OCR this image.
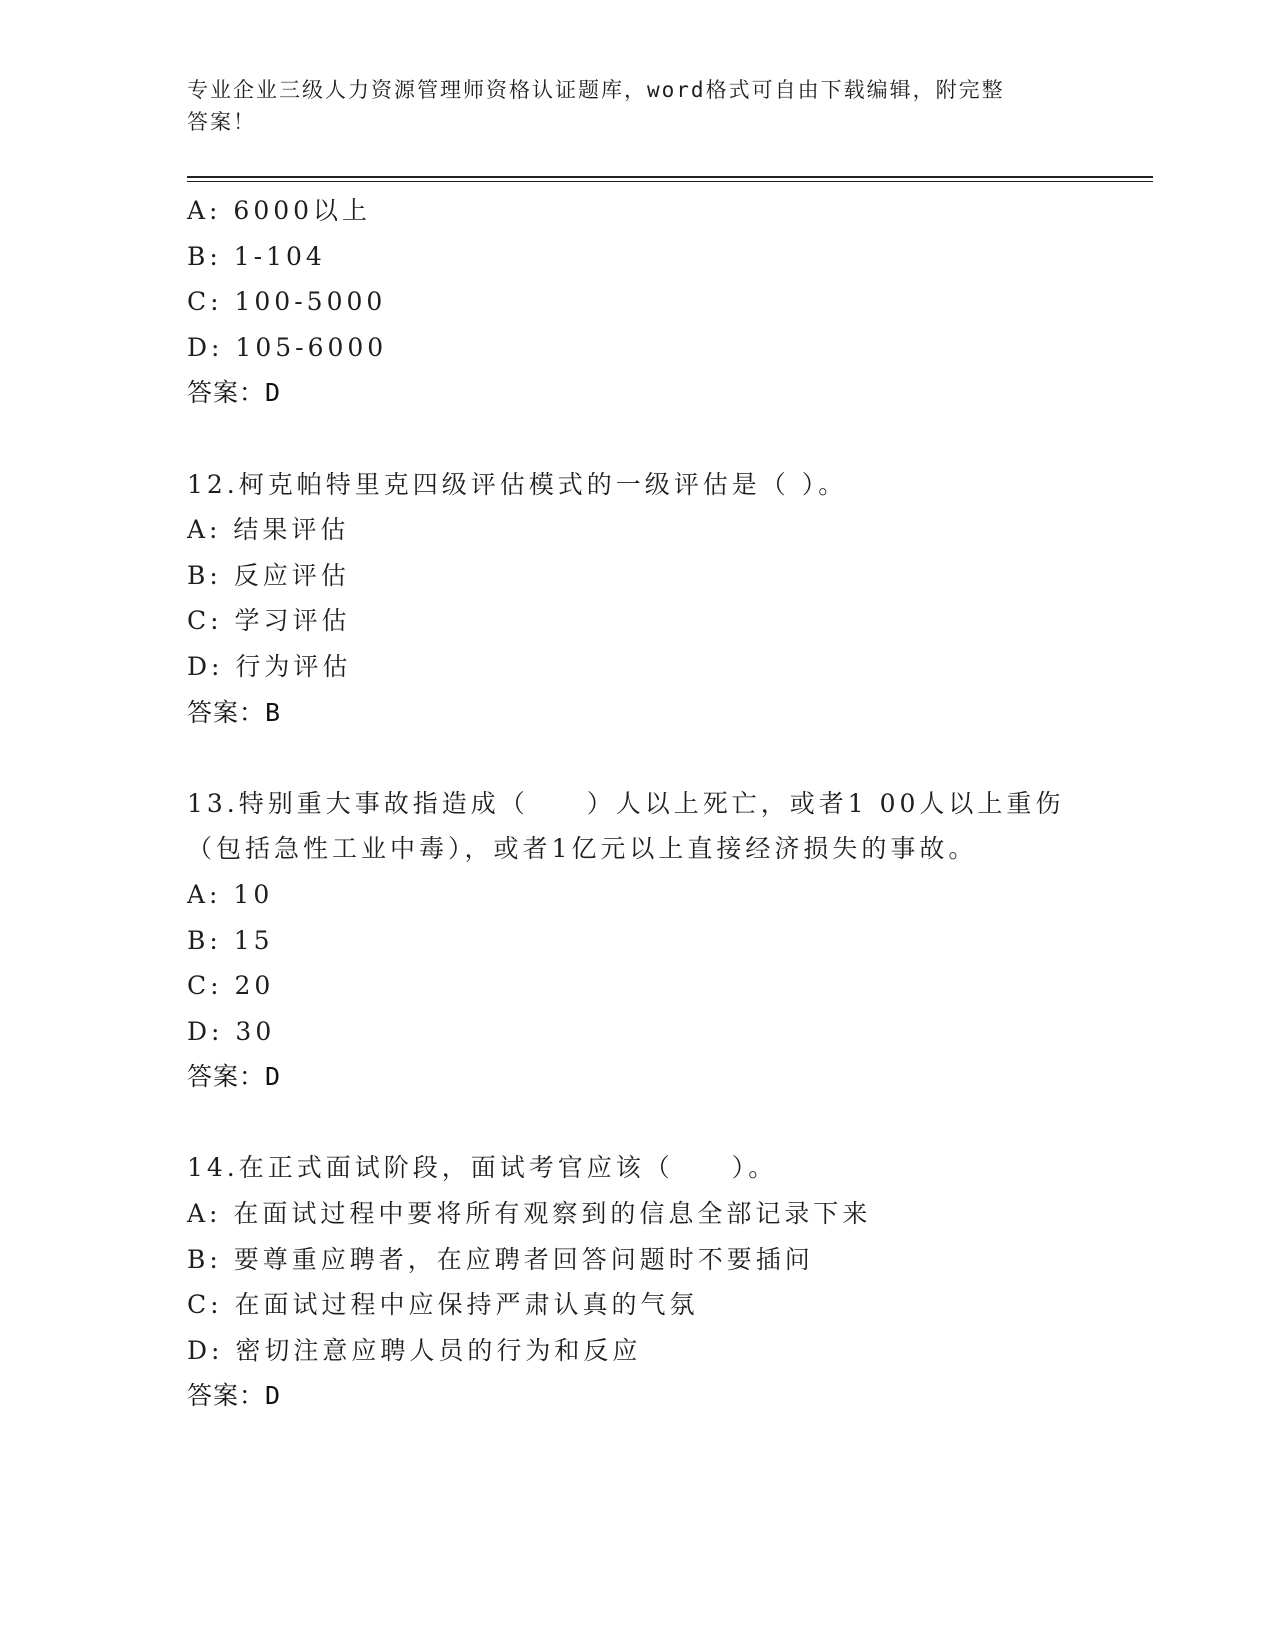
专业企业三级人力资源管理师资格认证题库，word格式可自由下载编辑，附完整
答案！
A: 6000以上
B: 1-104
C: 100-5000
D: 105-6000
答案：D
12.柯克帕特里克四级评估模式的一级评估是（ ）。
A: 结果评估
B: 反应评估
C: 学习评估
D: 行为评估
答案：B
13.特别重大事故指造成（　　）人以上死亡，或者1 00人以上重伤
（包括急性工业中毒），或者1亿元以上直接经济损失的事故。
A: 10
B: 15
C: 20
D: 30
答案：D
14.在正式面试阶段，面试考官应该（　　）。
A: 在面试过程中要将所有观察到的信息全部记录下来
B: 要尊重应聘者，在应聘者回答问题时不要插问
C: 在面试过程中应保持严肃认真的气氛
D: 密切注意应聘人员的行为和反应
答案：D
